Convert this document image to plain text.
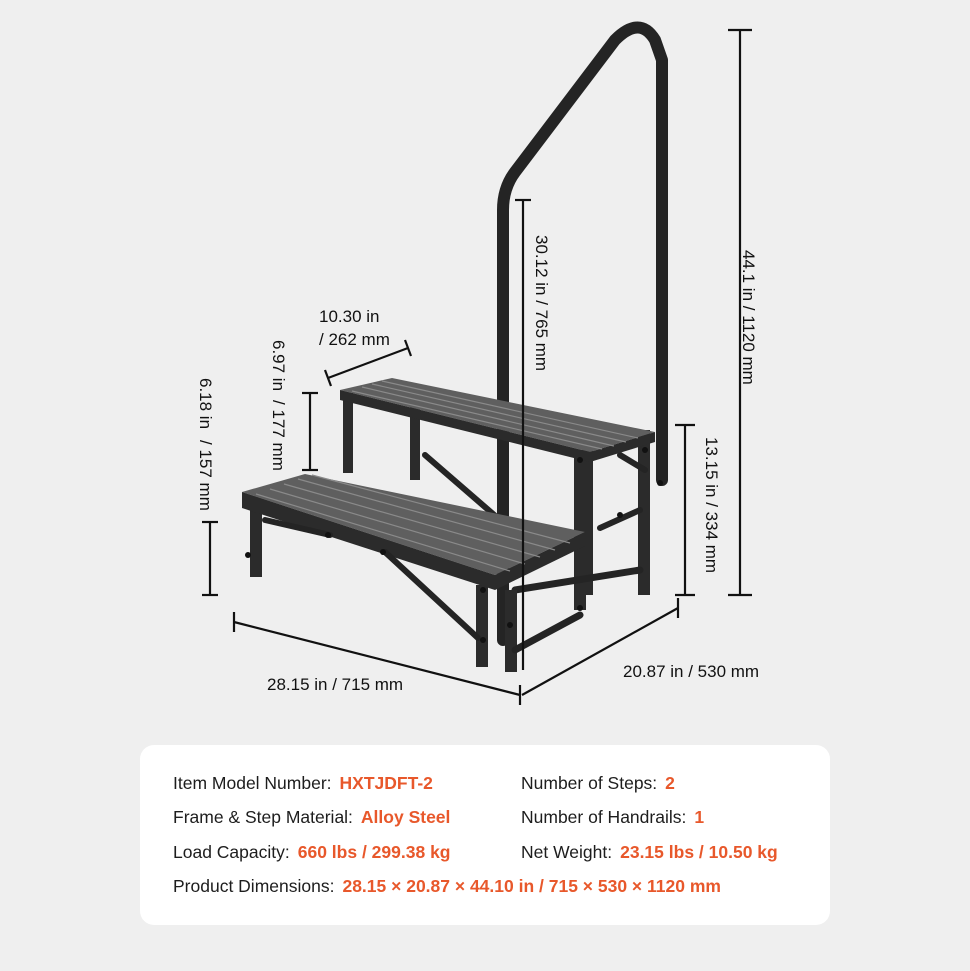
44.1 in / 1120 mm
30.12 in / 765 mm
13.15 in / 334 mm
6.97 in
/ 177 mm
6.18 in
/ 157 mm
10.30 in
/ 262 mm
28.15 in / 715 mm
20.87 in / 530 mm
Item Model Number: HXTJDFT-2	Number of Steps: 2
Frame & Step Material: Alloy Steel	Number of Handrails: 1
Load Capacity: 660 lbs / 299.38 kg	Net Weight: 23.15 lbs / 10.50 kg
Product Dimensions: 28.15 × 20.87 × 44.10 in / 715 × 530 × 1120 mm
